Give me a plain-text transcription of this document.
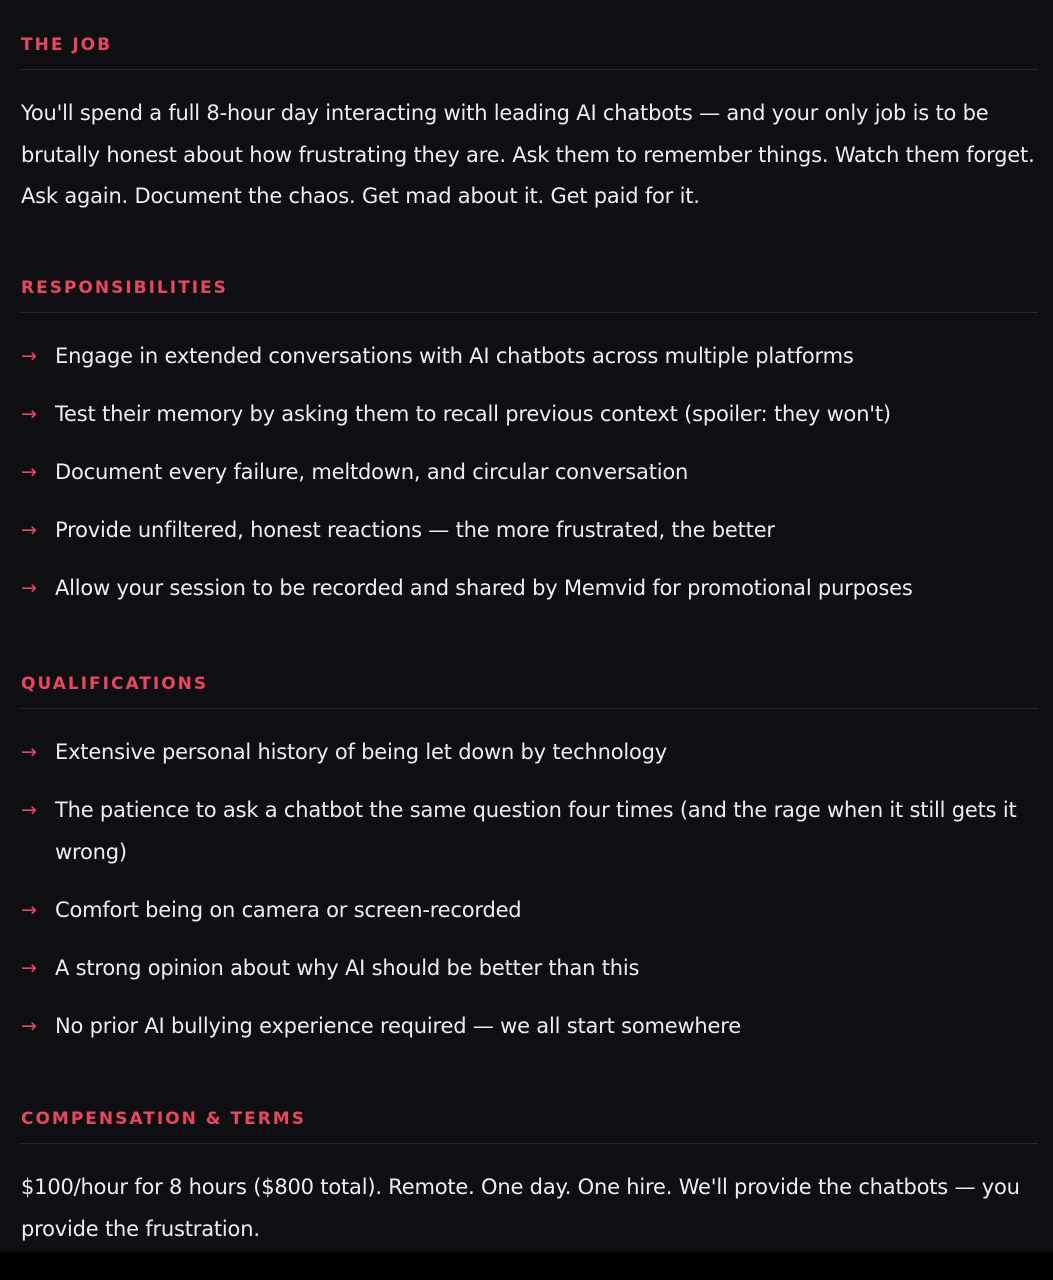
THE JOB

You'll spend a full 8-hour day interacting with leading AI chatbots — and your only job is to be brutally honest about how frustrating they are. Ask them to remember things. Watch them forget. Ask again. Document the chaos. Get mad about it. Get paid for it.

RESPONSIBILITIES
→ Engage in extended conversations with AI chatbots across multiple platforms
→ Test their memory by asking them to recall previous context (spoiler: they won't)
→ Document every failure, meltdown, and circular conversation
→ Provide unfiltered, honest reactions — the more frustrated, the better
→ Allow your session to be recorded and shared by Memvid for promotional purposes
QUALIFICATIONS
→ Extensive personal history of being let down by technology
→ The patience to ask a chatbot the same question four times (and the rage when it still gets it wrong)
→ Comfort being on camera or screen-recorded
→ A strong opinion about why AI should be better than this
→ No prior AI bullying experience required — we all start somewhere
COMPENSATION & TERMS

$100/hour for 8 hours ($800 total). Remote. One day. One hire. We'll provide the chatbots — you provide the frustration.
